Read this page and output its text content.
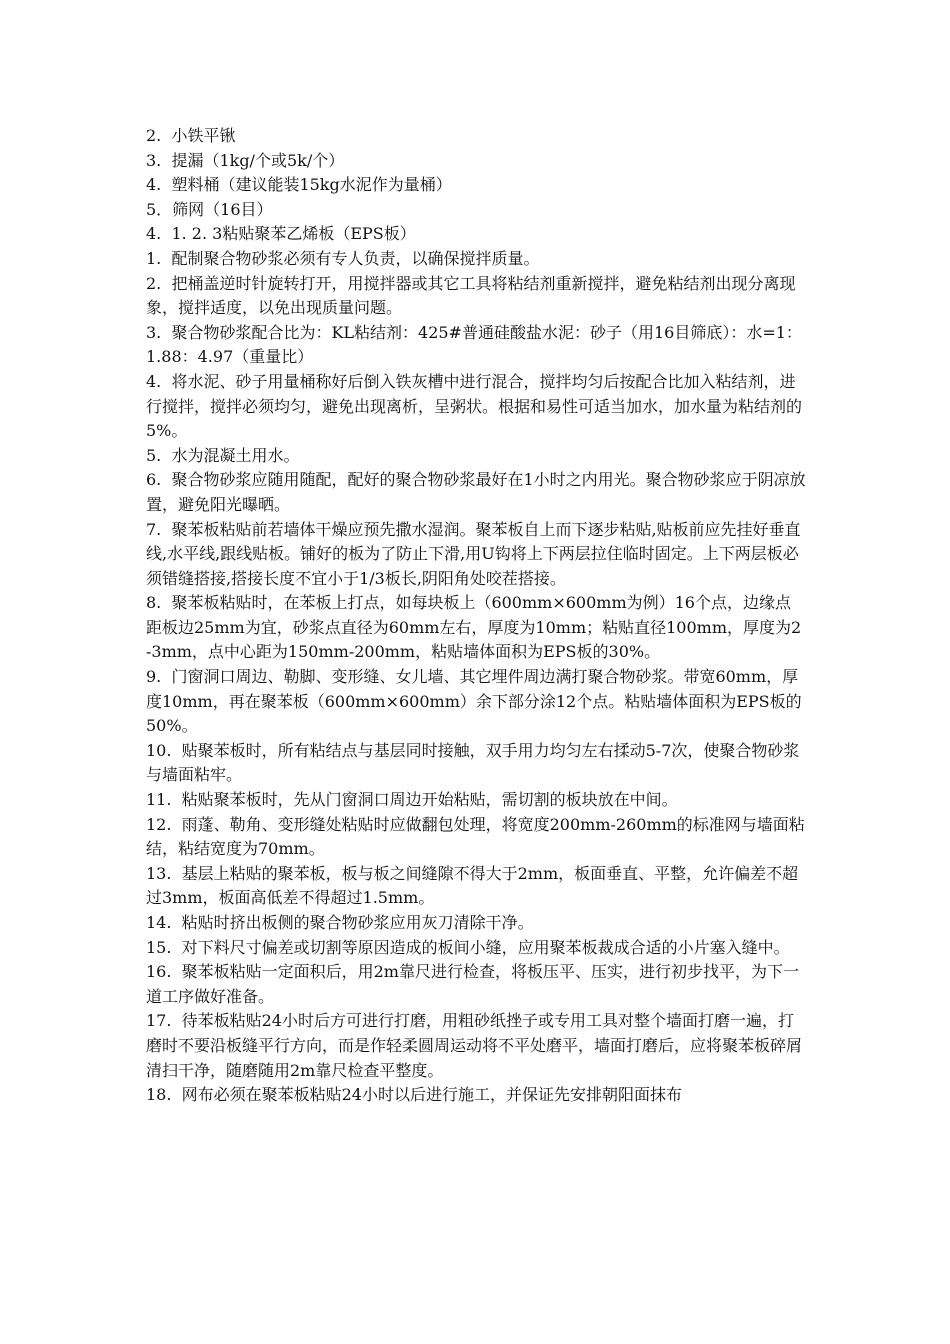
2.  小铁平锹

3.  提漏（1kg/个或5k/个）

4.  塑料桶（建议能装15kg水泥作为量桶）

5．筛网（16目）

4.  1. 2. 3粘贴聚苯乙烯板（EPS板）

1.  配制聚合物砂浆必须有专人负责，以确保搅拌质量。

2.  把桶盖逆时针旋转打开，用搅拌器或其它工具将粘结剂重新搅拌，避免粘结剂出现分离现象，搅拌适度，以免出现质量问题。

3.  聚合物砂浆配合比为：KL粘结剂：425#普通硅酸盐水泥：砂子（用16目筛底）：水=1：1.88：4.97（重量比）

4.  将水泥、砂子用量桶称好后倒入铁灰槽中进行混合，搅拌均匀后按配合比加入粘结剂，进行搅拌，搅拌必须均匀，避免出现离析，呈粥状。根据和易性可适当加水，加水量为粘结剂的5%。

5.  水为混凝土用水。

6.  聚合物砂浆应随用随配，配好的聚合物砂浆最好在1小时之内用光。聚合物砂浆应于阴凉放置，避免阳光曝晒。

7.  聚苯板粘贴前若墙体干燥应预先撒水湿润。聚苯板自上而下逐步粘贴,贴板前应先挂好垂直线,水平线,跟线贴板。铺好的板为了防止下滑,用U钩将上下两层拉住临时固定。上下两层板必须错缝搭接,搭接长度不宜小于1/3板长,阴阳角处咬茬搭接。

8.  聚苯板粘贴时，在苯板上打点，如每块板上（600mm×600mm为例）16个点，边缘点距板边25mm为宜，砂浆点直径为60mm左右，厚度为10mm；粘贴直径100mm，厚度为2-3mm，点中心距为150mm-200mm，粘贴墙体面积为EPS板的30%。

9.  门窗洞口周边、勒脚、变形缝、女儿墙、其它埋件周边满打聚合物砂浆。带宽60mm，厚度10mm，再在聚苯板（600mm×600mm）余下部分涂12个点。粘贴墙体面积为EPS板的50%。

10.  贴聚苯板时，所有粘结点与基层同时接触，双手用力均匀左右揉动5-7次，使聚合物砂浆与墙面粘牢。

11.  粘贴聚苯板时，先从门窗洞口周边开始粘贴，需切割的板块放在中间。

12.  雨蓬、勒角、变形缝处粘贴时应做翻包处理，将宽度200mm-260mm的标准网与墙面粘结，粘结宽度为70mm。

13.  基层上粘贴的聚苯板，板与板之间缝隙不得大于2mm，板面垂直、平整，允许偏差不超过3mm，板面高低差不得超过1.5mm。

14.  粘贴时挤出板侧的聚合物砂浆应用灰刀清除干净。

15.  对下料尺寸偏差或切割等原因造成的板间小缝，应用聚苯板裁成合适的小片塞入缝中。

16.  聚苯板粘贴一定面积后，用2m靠尺进行检查，将板压平、压实，进行初步找平，为下一道工序做好准备。

17.  待苯板粘贴24小时后方可进行打磨，用粗砂纸挫子或专用工具对整个墙面打磨一遍，打磨时不要沿板缝平行方向，而是作轻柔圆周运动将不平处磨平，墙面打磨后，应将聚苯板碎屑清扫干净，随磨随用2m靠尺检查平整度。

18.  网布必须在聚苯板粘贴24小时以后进行施工，并保证先安排朝阳面抹布
